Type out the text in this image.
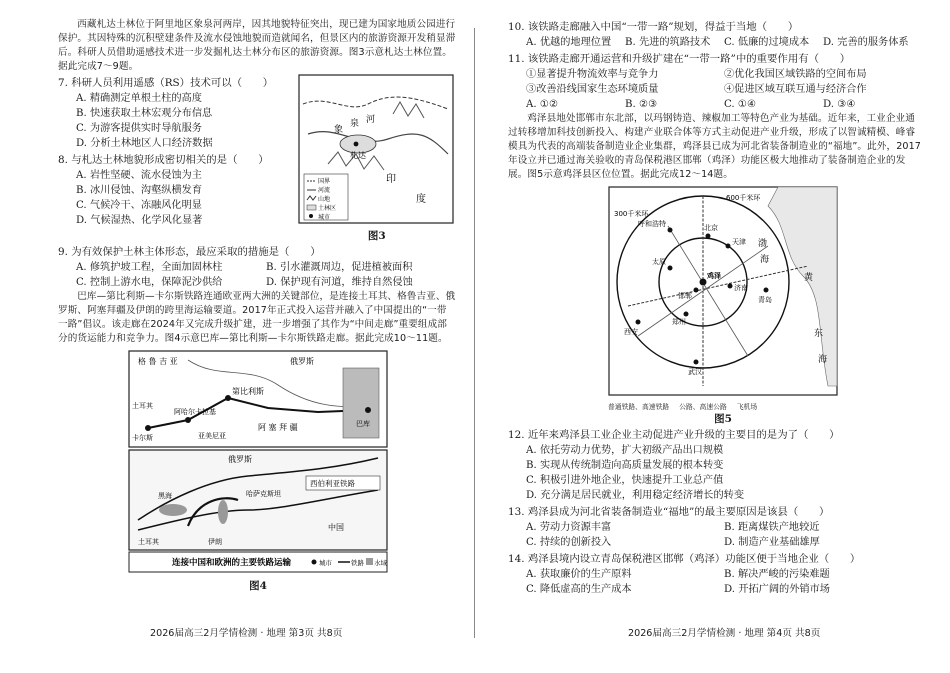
西藏札达土林位于阿里地区象泉河两岸，因其地貌特征突出，现已建为国家地质公园进行保护。其因特殊的沉积壁建条件及流水侵蚀地貌而造就闻名，但景区内的旅游资源开发稍显滞后。科研人员借助遥感技术进一步发掘札达土林分布区的旅游资源。图3示意札达土林位置。据此完成7～9题。

7. 科研人员利用遥感（RS）技术可以（　　）

A. 精确测定单根土柱的高度

B. 快速获取土林宏观分布信息

C. 为游客提供实时导航服务

D. 分析土林地区人口经济数据

8. 与札达土林地貌形成密切相关的是（　　）

A. 岩性坚硬、流水侵蚀为主

B. 冰川侵蚀、沟壑纵横发育

C. 气候冷干、冻融风化明显

D. 气候湿热、化学风化显著

象
泉 河
札达
印
度
国界
河流
山地
土林区
城市
图3

9. 为有效保护土林主体形态，最应采取的措施是（　　）

A. 修筑护坡工程，全面加固林柱	B. 引水灌溉周边，促进植被面积
C. 控制上游水电，保障泥沙供给	D. 保护现有河道，维持自然侵蚀

巴库—第比利斯—卡尔斯铁路连通欧亚两大洲的关键部位，是连接土耳其、格鲁吉亚、俄罗斯、阿塞拜疆及伊朗的跨里海运输要道。2017年正式投入运营并融入了中国提出的“一带一路”倡议。该走廊在2024年又完成升级扩建，进一步增强了其作为“中间走廊”重要组成部分的货运能力和竞争力。图4示意巴库—第比利斯—卡尔斯铁路走廊。据此完成10～11题。

格 鲁 吉 亚
第比利斯
俄罗斯
阿哈尔卡拉基
卡尔斯
土耳其
亚美尼亚
阿 塞 拜 疆	巴库
俄罗斯
哈萨克斯坦
西伯利亚铁路
黑海
土耳其	伊朗
中国
连接中国和欧洲的主要铁路运输	城市	铁路 水域
图4
2026届高三2月学情检测 · 地理 第3页 共8页

10. 该铁路走廊融入中国“一带一路”规划，得益于当地（　　）

A. 优越的地理位置	B. 先进的筑路技术	C. 低廉的过境成本	D. 完善的服务体系

11. 该铁路走廊开通运营和升级扩建在“一带一路”中的重要作用有（　　）

①显著提升物流效率与竞争力	②优化我国区域铁路的空间布局
③改善沿线国家生态环境质量	④促进区域互联互通与经济合作
A. ①②	B. ②③	C. ①④	D. ③④

鸡泽县地处邯郸市东北部，以玛钢铸造、辣椒加工等特色产业为基础。近年来，工业企业通过转移增加科技创新投入、构建产业联合体等方式主动促进产业升级，形成了以智诚精模、峰睿模具为代表的高端装备制造业企业集群，鸡泽县已成为河北省装备制造业的“福地”。此外，2017年设立并已通过海关验收的青岛保税港区邯郸（鸡泽）功能区极大地推动了装备制造企业的发展。图5示意鸡泽县区位位置。据此完成12～14题。

600千米环
300千米环
呼和浩特	北京
天津
太原
鸡泽
邯郸
济南
郑州
西安
武汉
青岛
渤
海
黄
东
海
普通铁路、高速铁路 公路、高速公路 飞机场
图5

12. 近年来鸡泽县工业企业主动促进产业升级的主要目的是为了（　　）

A. 依托劳动力优势，扩大初级产品出口规模

B. 实现从传统制造向高质量发展的根本转变

C. 积极引进外地企业，快速提升工业总产值

D. 充分满足居民就业，利用稳定经济增长的转变

13. 鸡泽县成为河北省装备制造业“福地”的最主要原因是该县（　　）

A. 劳动力资源丰富	B. 距离煤铁产地较近
C. 持续的创新投入	D. 制造产业基础雄厚

14. 鸡泽县境内设立青岛保税港区邯郸（鸡泽）功能区便于当地企业（　　）

A. 获取廉价的生产原料	B. 解决严峻的污染难题
C. 降低虚高的生产成本	D. 开拓广阔的外销市场
2026届高三2月学情检测 · 地理 第4页 共8页
